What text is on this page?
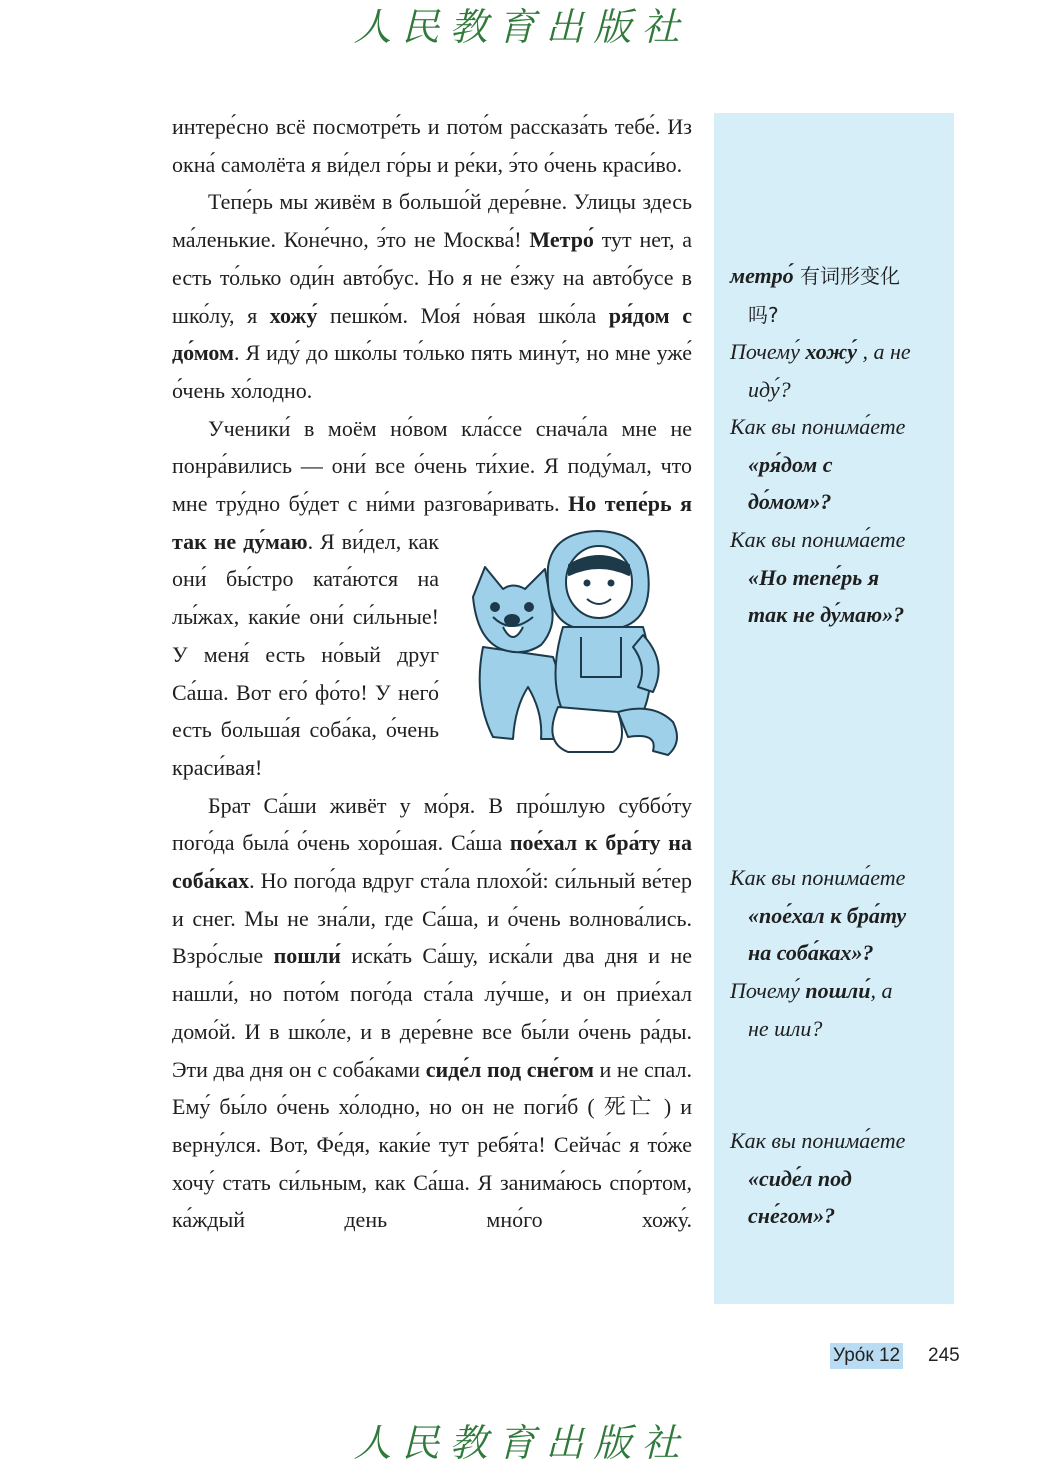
人民教育出版社

интере́сно всё посмотре́ть и пото́м рассказа́ть тебе́. Из окна́ самолёта я ви́дел го́ры и ре́ки, э́то о́чень краси́во.

Тепе́рь мы живём в большо́й дере́вне. Улицы здесь ма́ленькие. Коне́чно, э́то не Москва́! Метро́ тут нет, а есть то́лько оди́н авто́бус. Но я не е́зжу на авто́бусе в шко́лу, я хожу́ пешко́м. Моя́ но́вая шко́ла ря́дом с до́мом. Я иду́ до шко́лы то́лько пять мину́т, но мне уже́ о́чень хо́лодно.

Ученики́ в моём но́вом кла́ссе снача́ла мне не понра́вились — они́ все о́чень ти́хие. Я поду́мал, что мне тру́дно бу́дет с ни́ми разгова́ривать. Но тепе́рь я так не ду́маю
. Я ви́дел, как они́ бы́стро ката́ются на лы́жах, каки́е они́ си́льные! У меня́ есть но́вый друг Са́ша. Вот его́ фо́то! У него́ есть больша́я соба́ка, о́чень краси́вая!

Брат Са́ши живёт у мо́ря. В про́шлую суббо́ту пого́да была́ о́чень хоро́шая. Са́ша пое́хал к бра́ту на соба́ках. Но пого́да вдруг ста́ла плохо́й: си́льный ве́тер и снег. Мы не зна́ли, где Са́ша, и о́чень волнова́лись. Взро́слые пошли́ иска́ть Са́шу, иска́ли два дня и не нашли́, но пото́м пого́да ста́ла лу́чше, и он прие́хал домо́й. И в шко́ле, и в дере́вне все бы́ли о́чень ра́ды. Эти два дня он с соба́ками сиде́л под сне́гом и не спал. Ему́ бы́ло о́чень хо́лодно, но он не поги́б ( 死亡 ) и верну́лся. Вот, Фе́дя, каки́е тут ребя́та! Сейча́с я то́же хочу́ стать си́льным, как Са́ша. Я занима́юсь спо́ртом, ка́ждый день мно́го хожу́.

метро́ 有词形变化
吗?
Почему́ хожу́ , а не
иду́?
Как вы понима́ете
«ря́дом с
до́мом»?
Как вы понима́ете
«Но тепе́рь я
так не ду́маю»?
Как вы понима́ете
«пое́хал к бра́ту
на соба́ках»?
Почему́ пошли́, а
не шли?
Как вы понима́ете
«сиде́л под
сне́гом»?
Уро́к 12 245
人民教育出版社
